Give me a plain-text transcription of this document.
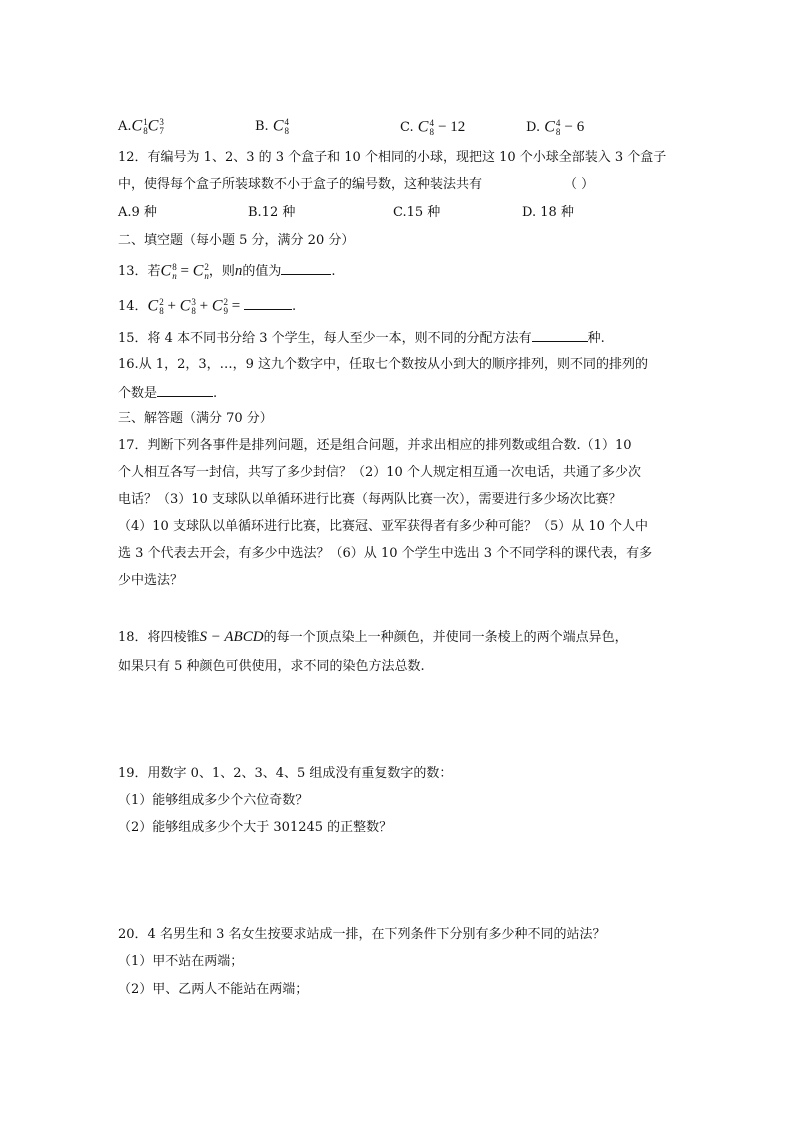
A.C 1
8 C 3
7	B. C 4
8	C. C 4
8 − 12	D. C 4
8 − 6
12．有编号为 1、2、3 的 3 个盒子和 10 个相同的小球，现把这 10 个小球全部装入 3 个盒子
中，使得每个盒子所装球数不小于盒子的编号数，这种装法共有	（ ）
A.9 种	B.12 种	C.15 种	D. 18 种
二、填空题（每小题 5 分，满分 20 分）
13．若C 8
n = C 2
n ，则n的值为	.
14．C 2
8 + C 3
8 + C 2
9 =	.
15．将 4 本不同书分给 3 个学生，每人至少一本，则不同的分配方法有	种.
16.从 1，2，3，…，9 这九个数字中，任取七个数按从小到大的顺序排列，则不同的排列的
个数是	.
三、解答题（满分 70 分）
17．判断下列各事件是排列问题，还是组合问题，并求出相应的排列数或组合数.（1）10
个人相互各写一封信，共写了多少封信？（2）10 个人规定相互通一次电话，共通了多少次
电话？（3）10 支球队以单循环进行比赛（每两队比赛一次），需要进行多少场次比赛？
（4）10 支球队以单循环进行比赛，比赛冠、亚军获得者有多少种可能？（5）从 10 个人中
选 3 个代表去开会，有多少中选法？（6）从 10 个学生中选出 3 个不同学科的课代表，有多
少中选法？
18．将四棱锥S − ABCD的每一个顶点染上一种颜色，并使同一条棱上的两个端点异色，
如果只有 5 种颜色可供使用，求不同的染色方法总数.
19．用数字 0、1、2、3、4、5 组成没有重复数字的数：
（1）能够组成多少个六位奇数？
（2）能够组成多少个大于 301245 的正整数？
20．4 名男生和 3 名女生按要求站成一排，在下列条件下分别有多少种不同的站法？
（1）甲不站在两端；
（2）甲、乙两人不能站在两端；
